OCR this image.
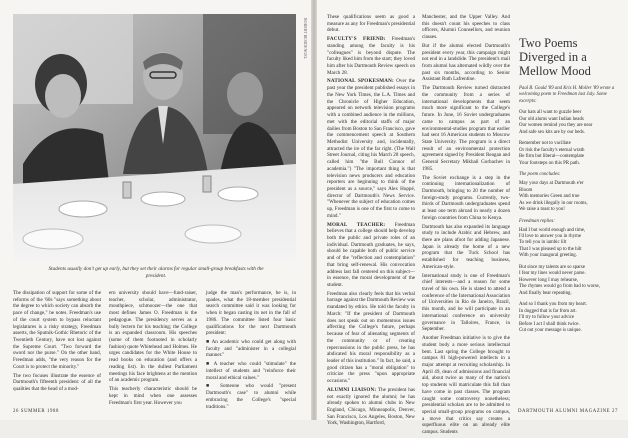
ROBERT BESIDENGEL
Students usually don't get up early, but they set their alarms for regular small-group breakfasts with the president.

The dissipation of support for some of the reforms of the '60s "says something about the degree to which society can absorb the pace of change," he notes. Freedman's use of the court system to bypass reluctant legislatures is a risky strategy, Freedman asserts, the Sputnik-Gothic Rhetoric of the Twentieth Century, have not lost against the Supreme Court. "Two forward the sword nor the purse." On the other hand, Freedman adds, "the very reason for the Court is to protect the minority."

The two focuses illustrate the essence of Dartmouth's fifteenth president: of all the qualities that the head of a mod-

ern university should have—fund-raiser, teacher, scholar, administrator, mouthpiece, schmoozer—the one that most defines James O. Freedman is the pedagogue. The presidency serves as a bully lectern for his teaching; the College is an expanded classroom. His speeches (some of them footnoted in scholarly fashion) quote Whitehead and Holmes. He urges candidates for the White House to read books on education (and offers a reading list). In the dullest Parliament meetings his face brightens at the mention of an academic program.

This teacherly characteristic should be kept in mind when one assesses Freedman's first year. However you

judge the man's performance, he is, in spades, what the 18-member presidential search committee said it was looking for when it began casting its net in the fall of 1986. The committee listed four basic qualifications for the next Dartmouth president:

■ An academic who could get along with faculty and "administer in a collegial manner."

■ A teacher who could "stimulate" the intellect of students and "reinforce their moral and ethical values."

■ Someone who would "present Dartmouth's case" to alumni while embracing the College's "special traditions."

These qualifications seem as good a measure as any for Freedman's presidential debut.

FACULTY'S FRIEND: Freedman's standing among the faculty is his "colleagues" is beyond dispute. The faculty liked him from the start; they loved him after his Dartmouth Review speech on March 28.

NATIONAL SPOKESMAN: Over the past year the president published essays in the New York Times, the L.A. Times and the Chronicle of Higher Education, appeared on network television programs with a combined audience in the millions, met with the editorial staffs of major dailies from Boston to San Francisco, gave the commencement speech at Southern Methodist University and, incidentally, attracted the ire of the far right. (The Wall Street Journal, citing his March 28 speech, called him "the Bull Connor of academia.") "The important thing is that television news producers and education reporters are beginning to think of the president as a source," says Alex Huppé, director of Dartmouth's News Service. "Whenever the subject of education comes up, Freedman is one of the first to come to mind."

MORAL TEACHER: Freedman believes that a college should help develop both the public and private roles of an individual. Dartmouth graduates, he says, should be capable both of public service and of the "reflection and contemplation" that bring self-renewal. His convocation address last fall centered on this subject—in essence, the moral development of the student.

Freedman also clearly feels that his verbal barrage against the Dartmouth Review was mandated by ethics. He told the faculty in March: "If the president of Dartmouth does not speak out on momentous issues affecting the College's future, perhaps because of fear of alienating segments of the community or of creating repercussions in the public press, he has abdicated his moral responsibility as a leader of this institution." In fact, he said, a good citizen has a "moral obligation" to criticize the press "upon appropriate occasions."

ALUMNI LIAISON: The president has not exactly ignored the alumni; he has already spoken to alumni clubs in New England, Chicago, Minneapolis, Denver, San Francisco, Los Angeles, Boston, New York, Washington, Hartford,

Manchester, and the Upper Valley. And this doesn't count his speeches to class officers, Alumni Counsellors, and reunion classes.

But if the alumni elected Dartmouth's president every year, this campaign might not end in a landslide. The president's mail from alumni has alternated wildly over the past six months, according to Senior Assistant Ruth Lafrentine.

The Dartmouth Review turned distracted the community from a series of international developments that seem much more significant to the College's future. In June, 16 Soviet undergraduates came to campus as part of an environmental-studies program that earlier had sent 16 American students to Moscow State University. The program is a direct result of an environmental protection agreement signed by President Reagan and General Secretary Mikhail Gorbachev in 1985.

The Soviet exchange is a step in the continuing internationalization of Dartmouth, bringing to 20 the number of foreign-study programs. Currently, two-thirds of Dartmouth undergraduates spend at least one term abroad in nearly a dozen foreign countries from China to Kenya.

Dartmouth has also expanded its language study to include Arabic and Hebrew, and there are plans afoot for adding Japanese. Japan is already the home of a new program that the Tuck School has established for teaching business, American-style.

International study is one of Freedman's chief interests—and a reason for some travel of his own. He is slated to attend a conference of the International Association of Universities in Rio de Janeiro, Brazil, this month, and he will participate in an international conference on university governance in Talloires, France, in September.

Another Freedman initiative is to give the student body a more serious intellectual bent. Last spring the College brought to campus 81 high-powered intellects in a major attempt at recruiting scholarship. In April 49, dean of admissions and financial aid, about twice as many of the nation's top students will matriculate this fall than have come in past classes. The program caught some controversy nonetheless; presidential scholars are to be admitted to special small-group programs on campus, a move that critics say creates a superfluous elite on an already elite campus. Students

Two Poems Diverged in a Mellow Mood
Paul B. Gould '89 and Kris H. Moller '89 wrote a welcoming poem to Freedman last July. Some excerpts:
Our hats all want to guzzle beer
Our old alums want Indian heads
Our women remind you they are near
And safe sex kits are by our beds.
Remember not to vacillate
Or risk the faculty's eternal wrath
Be firm but liberal—contemplate
Your footsteps on this PR path.
The poem concludes:
May your days at Dartmouth e'er
Bloom
With memories Green and true
As we drink illegally in our rooms,
We raise a toast to you!
Freedman replies:
Had I but world enough and time,
I'd love to answer you in rhyme
To tell you in iambic lilt
That I was pleased up to the hilt
With your inaugural greeting.
But since my talents are so sparse
I fear my lines would never parse.
However long I may rehearse,
The rhymes would go from bad to worse,
And finally bear repeating.
And so I thank you from my heart.
In dogged that is far from art.
I'll try to follow your advice
Before I act I shall think twice.
Cut out your message is unique.
26 SUMMER 1988	DARTMOUTH ALUMNI MAGAZINE 27
